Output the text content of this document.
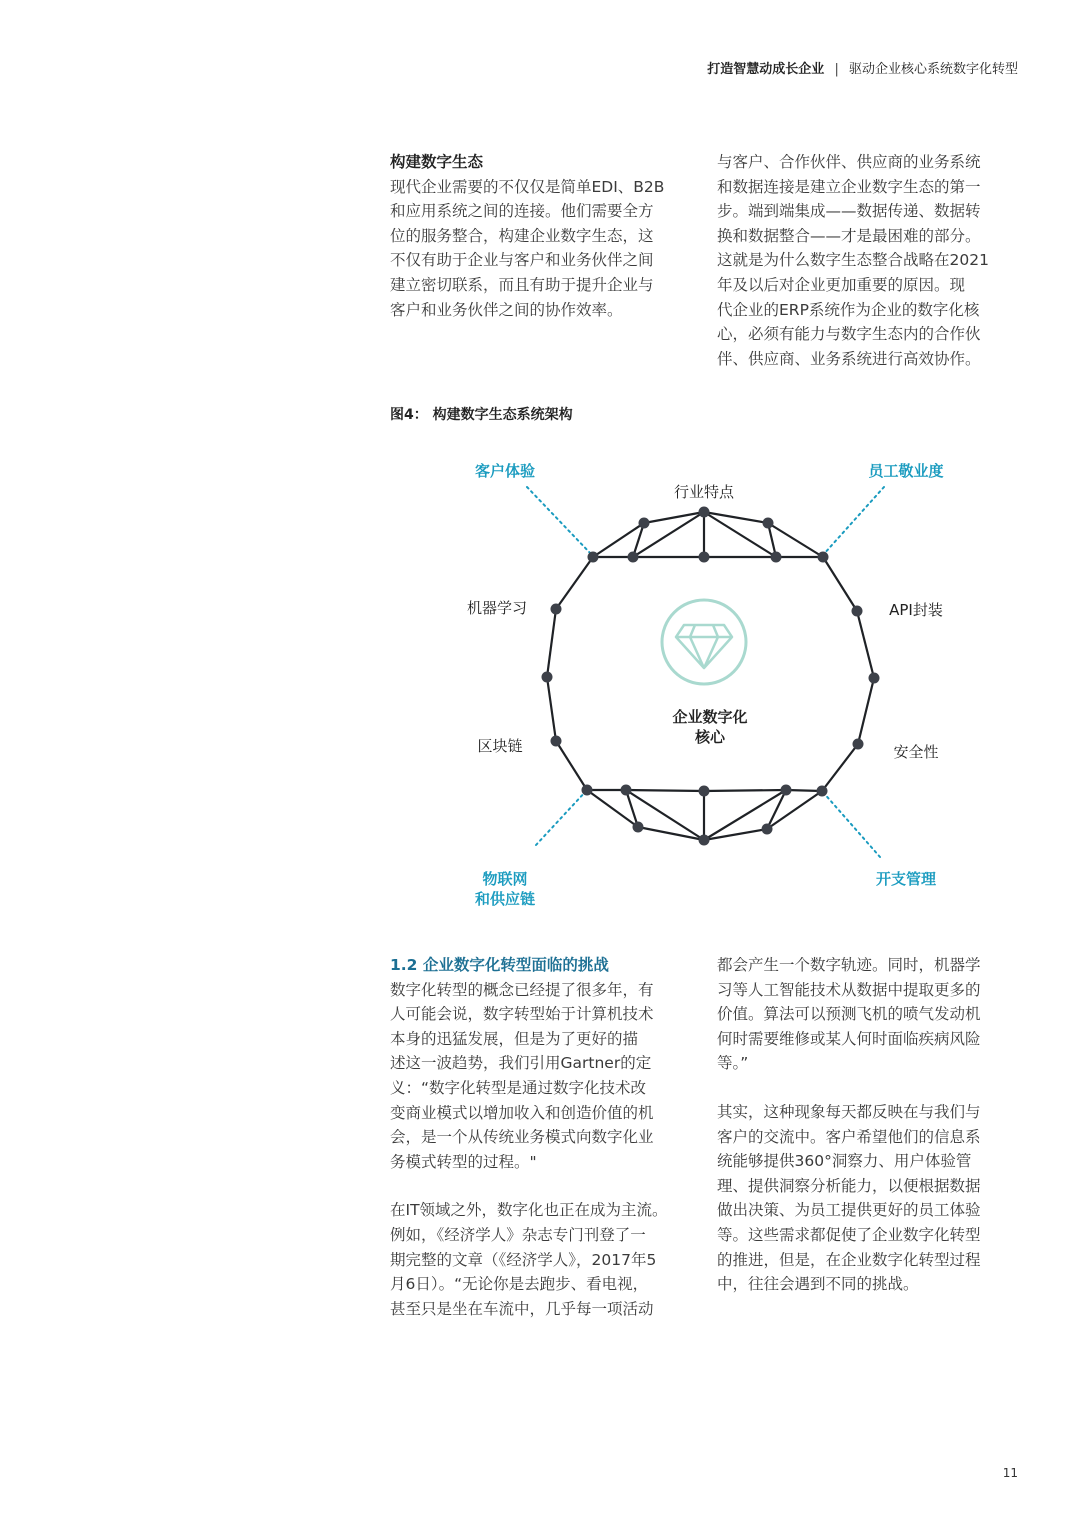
打造智慧动成长企业 | 驱动企业核心系统数字化转型

构建数字生态

现代企业需要的不仅仅是简单EDI、B2B

和应用系统之间的连接。他们需要全方

位的服务整合，构建企业数字生态，这

不仅有助于企业与客户和业务伙伴之间

建立密切联系，而且有助于提升企业与

客户和业务伙伴之间的协作效率。

与客户、合作伙伴、供应商的业务系统

和数据连接是建立企业数字生态的第一

步。端到端集成——数据传递、数据转

换和数据整合——才是最困难的部分。

这就是为什么数字生态整合战略在2021

年及以后对企业更加重要的原因。现

代企业的ERP系统作为企业的数字化核

心，必须有能力与数字生态内的合作伙

伴、供应商、业务系统进行高效协作。

图4： 构建数字生态系统架构
行业特点
机器学习	API封装
区块链	安全性
客户体验	员工敬业度
物联网
和供应链
开支管理
企业数字化
核心

1.2 企业数字化转型面临的挑战

数字化转型的概念已经提了很多年，有

人可能会说，数字转型始于计算机技术

本身的迅猛发展，但是为了更好的描

述这一波趋势，我们引用Gartner的定

义：“数字化转型是通过数字化技术改

变商业模式以增加收入和创造价值的机

会，是一个从传统业务模式向数字化业

务模式转型的过程。"

在IT领域之外，数字化也正在成为主流。

例如，《经济学人》杂志专门刊登了一

期完整的文章（《经济学人》，2017年5

月6日）。“无论你是去跑步、看电视，

甚至只是坐在车流中，几乎每一项活动

都会产生一个数字轨迹。同时，机器学

习等人工智能技术从数据中提取更多的

价值。算法可以预测飞机的喷气发动机

何时需要维修或某人何时面临疾病风险

等。”

其实，这种现象每天都反映在与我们与

客户的交流中。客户希望他们的信息系

统能够提供360°洞察力、用户体验管

理、提供洞察分析能力，以便根据数据

做出决策、为员工提供更好的员工体验

等。这些需求都促使了企业数字化转型

的推进，但是，在企业数字化转型过程

中，往往会遇到不同的挑战。

11
